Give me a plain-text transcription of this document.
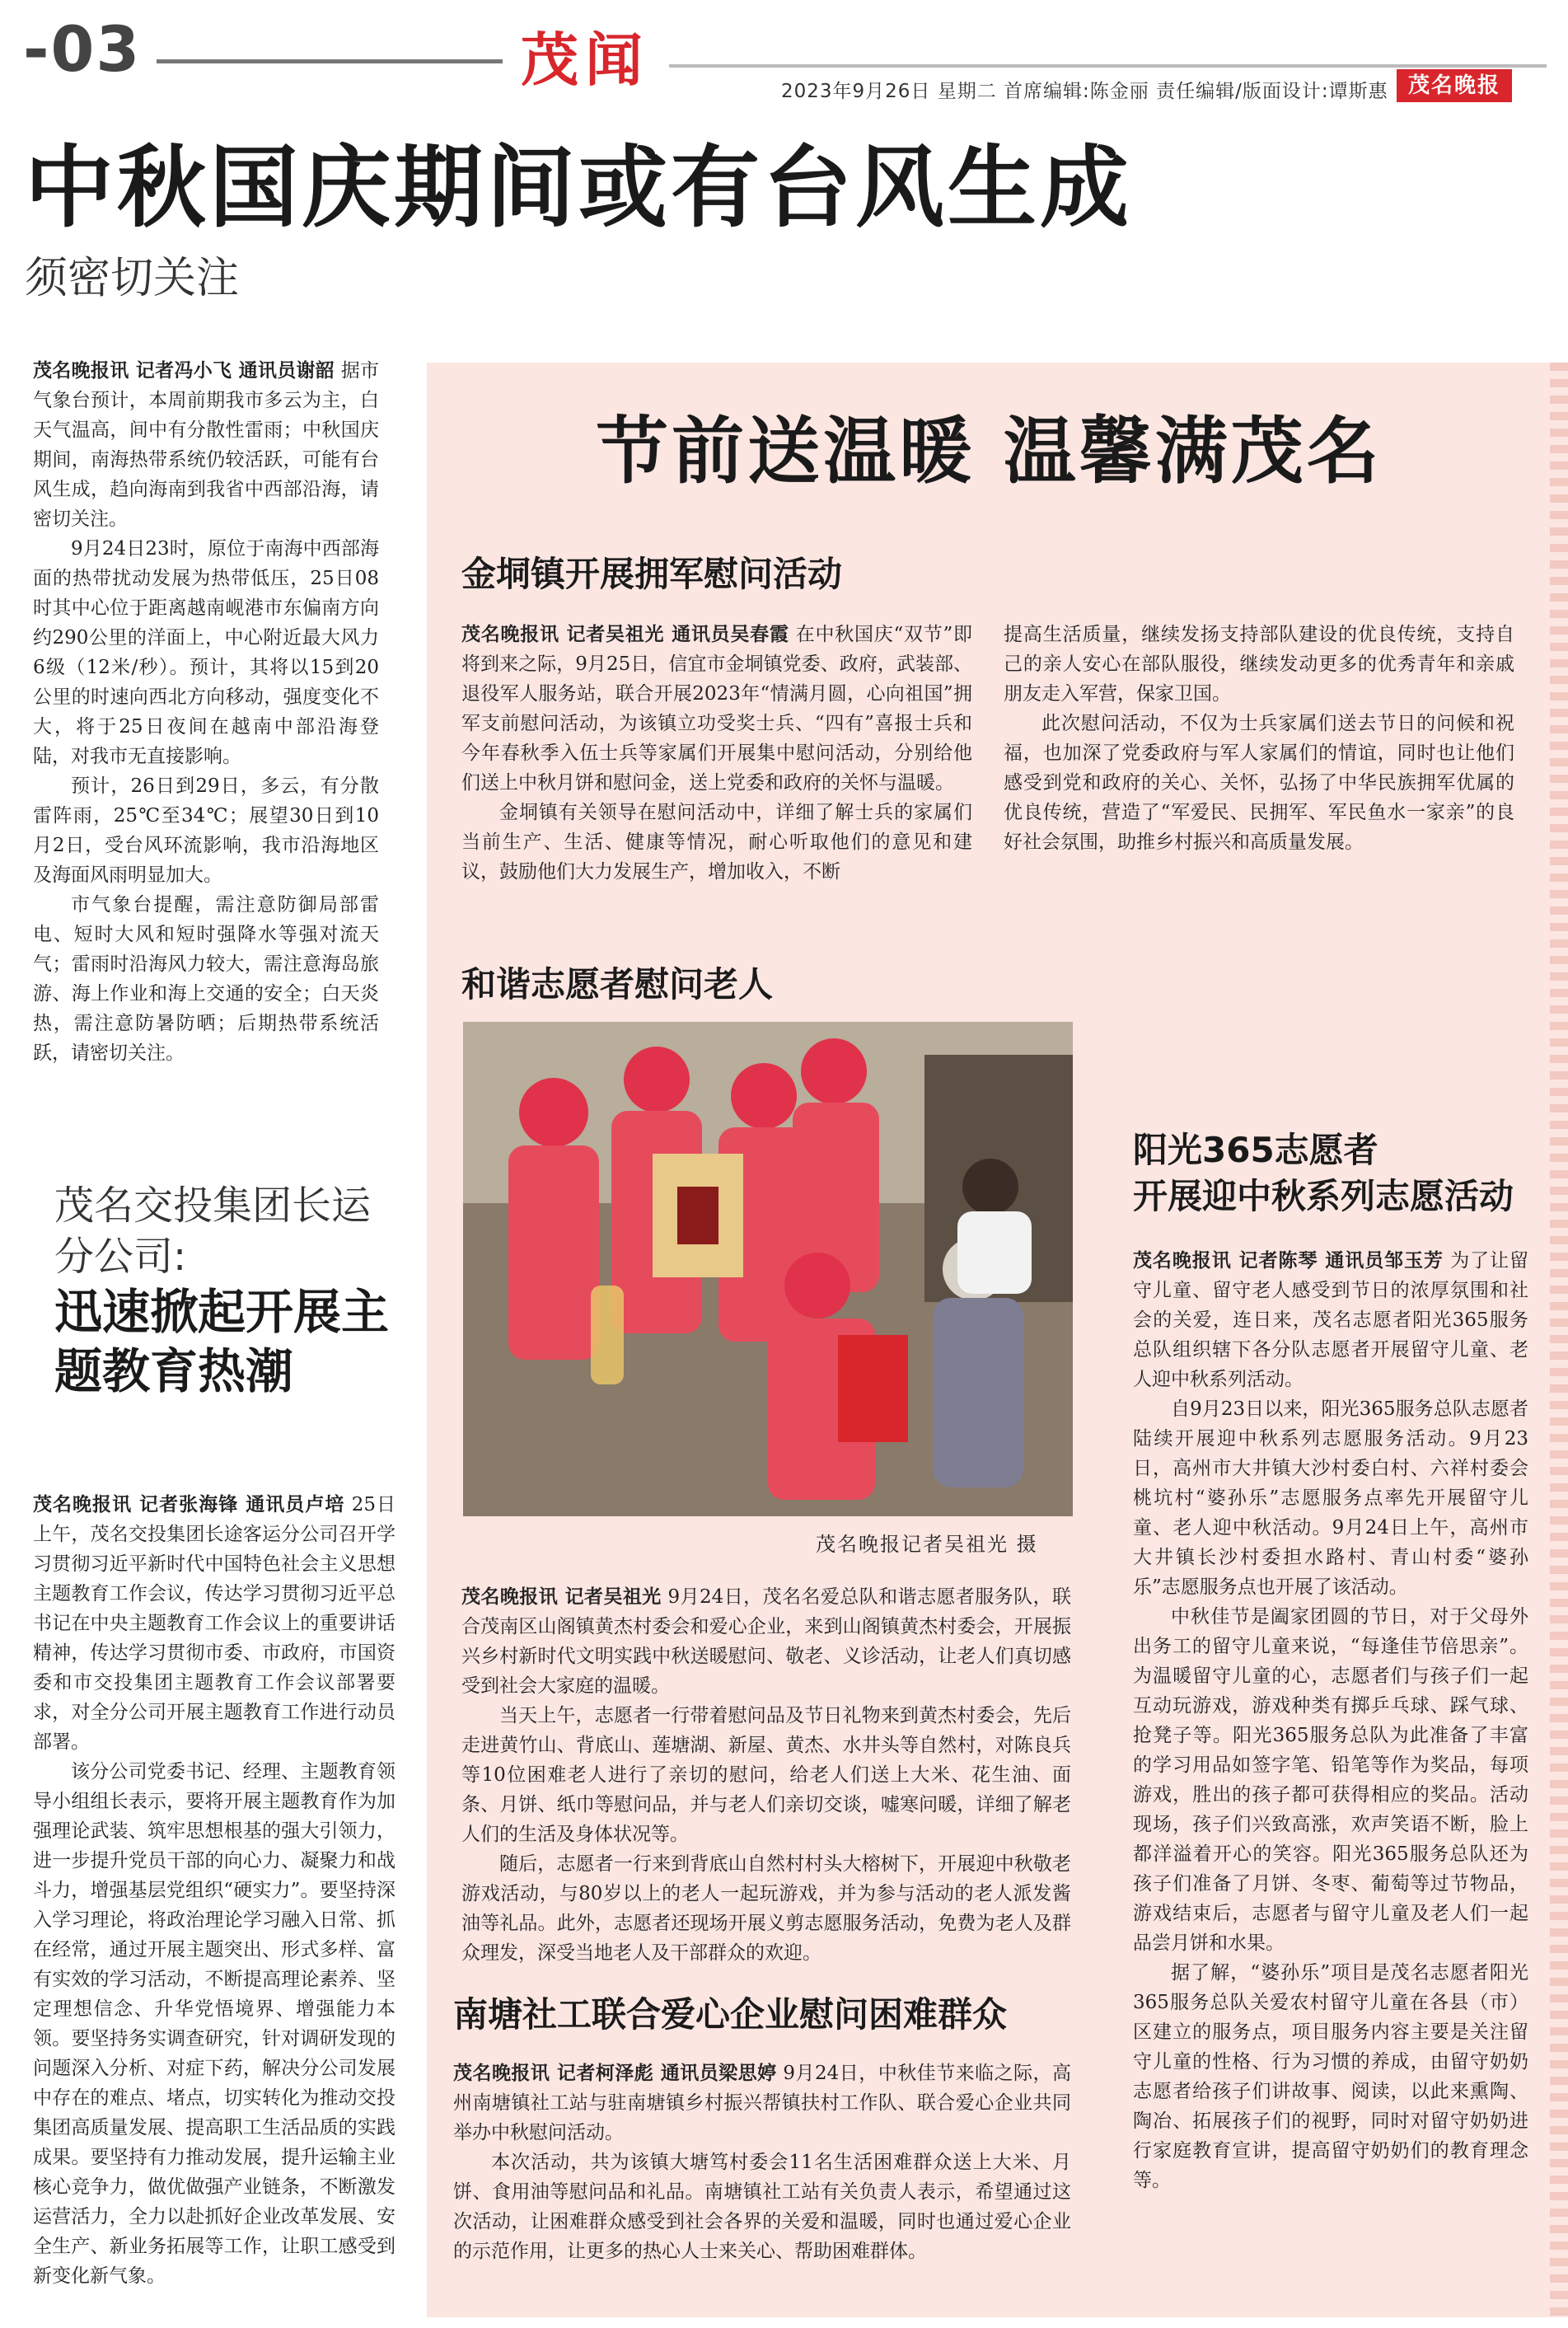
-03	茂闻	2023年9月26日 星期二 首席编辑:陈金丽 责任编辑/版面设计:谭斯惠 茂名晚报
中秋国庆期间或有台风生成
须密切关注

茂名晚报讯 记者冯小飞 通讯员谢韶 据市气象台预计，本周前期我市多云为主，白天气温高，间中有分散性雷雨；中秋国庆期间，南海热带系统仍较活跃，可能有台风生成，趋向海南到我省中西部沿海，请密切关注。

9月24日23时，原位于南海中西部海面的热带扰动发展为热带低压，25日08时其中心位于距离越南岘港市东偏南方向约290公里的洋面上，中心附近最大风力6级（12米/秒）。预计，其将以15到20公里的时速向西北方向移动，强度变化不大，将于25日夜间在越南中部沿海登陆，对我市无直接影响。

预计，26日到29日，多云，有分散雷阵雨，25℃至34℃；展望30日到10月2日，受台风环流影响，我市沿海地区及海面风雨明显加大。

市气象台提醒，需注意防御局部雷电、短时大风和短时强降水等强对流天气；雷雨时沿海风力较大，需注意海岛旅游、海上作业和海上交通的安全；白天炎热，需注意防暑防晒；后期热带系统活跃，请密切关注。

茂名交投集团长运分公司:
迅速掀起开展主题教育热潮

茂名晚报讯 记者张海锋 通讯员卢培 25日上午，茂名交投集团长途客运分公司召开学习贯彻习近平新时代中国特色社会主义思想主题教育工作会议，传达学习贯彻习近平总书记在中央主题教育工作会议上的重要讲话精神，传达学习贯彻市委、市政府，市国资委和市交投集团主题教育工作会议部署要求，对全分公司开展主题教育工作进行动员部署。

该分公司党委书记、经理、主题教育领导小组组长表示，要将开展主题教育作为加强理论武装、筑牢思想根基的强大引领力，进一步提升党员干部的向心力、凝聚力和战斗力，增强基层党组织“硬实力”。要坚持深入学习理论，将政治理论学习融入日常、抓在经常，通过开展主题突出、形式多样、富有实效的学习活动，不断提高理论素养、坚定理想信念、升华党悟境界、增强能力本领。要坚持务实调查研究，针对调研发现的问题深入分析、对症下药，解决分公司发展中存在的难点、堵点，切实转化为推动交投集团高质量发展、提高职工生活品质的实践成果。要坚持有力推动发展，提升运输主业核心竞争力，做优做强产业链条，不断激发运营活力，全力以赴抓好企业改革发展、安全生产、新业务拓展等工作，让职工感受到新变化新气象。

节前送温暖 温馨满茂名
金垌镇开展拥军慰问活动

茂名晚报讯 记者吴祖光 通讯员吴春霞 在中秋国庆“双节”即将到来之际，9月25日，信宜市金垌镇党委、政府，武装部、退役军人服务站，联合开展2023年“情满月圆，心向祖国”拥军支前慰问活动，为该镇立功受奖士兵、“四有”喜报士兵和今年春秋季入伍士兵等家属们开展集中慰问活动，分别给他们送上中秋月饼和慰问金，送上党委和政府的关怀与温暖。

金垌镇有关领导在慰问活动中，详细了解士兵的家属们当前生产、生活、健康等情况，耐心听取他们的意见和建议，鼓励他们大力发展生产，增加收入，不断

提高生活质量，继续发扬支持部队建设的优良传统，支持自己的亲人安心在部队服役，继续发动更多的优秀青年和亲戚朋友走入军营，保家卫国。

此次慰问活动，不仅为士兵家属们送去节日的问候和祝福，也加深了党委政府与军人家属们的情谊，同时也让他们感受到党和政府的关心、关怀，弘扬了中华民族拥军优属的优良传统，营造了“军爱民、民拥军、军民鱼水一家亲”的良好社会氛围，助推乡村振兴和高质量发展。

和谐志愿者慰问老人
茂名晚报记者吴祖光 摄

茂名晚报讯 记者吴祖光 9月24日，茂名名爱总队和谐志愿者服务队，联合茂南区山阁镇黄杰村委会和爱心企业，来到山阁镇黄杰村委会，开展振兴乡村新时代文明实践中秋送暖慰问、敬老、义诊活动，让老人们真切感受到社会大家庭的温暖。

当天上午，志愿者一行带着慰问品及节日礼物来到黄杰村委会，先后走进黄竹山、背底山、莲塘湖、新屋、黄杰、水井头等自然村，对陈良兵等10位困难老人进行了亲切的慰问，给老人们送上大米、花生油、面条、月饼、纸巾等慰问品，并与老人们亲切交谈，嘘寒问暖，详细了解老人们的生活及身体状况等。

随后，志愿者一行来到背底山自然村村头大榕树下，开展迎中秋敬老游戏活动，与80岁以上的老人一起玩游戏，并为参与活动的老人派发酱油等礼品。此外，志愿者还现场开展义剪志愿服务活动，免费为老人及群众理发，深受当地老人及干部群众的欢迎。

南塘社工联合爱心企业慰问困难群众

茂名晚报讯 记者柯泽彪 通讯员梁思婷 9月24日，中秋佳节来临之际，高州南塘镇社工站与驻南塘镇乡村振兴帮镇扶村工作队、联合爱心企业共同举办中秋慰问活动。

本次活动，共为该镇大塘笃村委会11名生活困难群众送上大米、月饼、食用油等慰问品和礼品。南塘镇社工站有关负责人表示，希望通过这次活动，让困难群众感受到社会各界的关爱和温暖，同时也通过爱心企业的示范作用，让更多的热心人士来关心、帮助困难群体。

阳光365志愿者
开展迎中秋系列志愿活动

茂名晚报讯 记者陈琴 通讯员邹玉芳 为了让留守儿童、留守老人感受到节日的浓厚氛围和社会的关爱，连日来，茂名志愿者阳光365服务总队组织辖下各分队志愿者开展留守儿童、老人迎中秋系列活动。

自9月23日以来，阳光365服务总队志愿者陆续开展迎中秋系列志愿服务活动。9月23日，高州市大井镇大沙村委白村、六祥村委会桃坑村“婆孙乐”志愿服务点率先开展留守儿童、老人迎中秋活动。9月24日上午，高州市大井镇长沙村委担水路村、青山村委“婆孙乐”志愿服务点也开展了该活动。

中秋佳节是阖家团圆的节日，对于父母外出务工的留守儿童来说，“每逢佳节倍思亲”。为温暖留守儿童的心，志愿者们与孩子们一起互动玩游戏，游戏种类有掷乒乓球、踩气球、抢凳子等。阳光365服务总队为此准备了丰富的学习用品如签字笔、铅笔等作为奖品，每项游戏，胜出的孩子都可获得相应的奖品。活动现场，孩子们兴致高涨，欢声笑语不断，脸上都洋溢着开心的笑容。阳光365服务总队还为孩子们准备了月饼、冬枣、葡萄等过节物品，游戏结束后，志愿者与留守儿童及老人们一起品尝月饼和水果。

据了解，“婆孙乐”项目是茂名志愿者阳光365服务总队关爱农村留守儿童在各县（市）区建立的服务点，项目服务内容主要是关注留守儿童的性格、行为习惯的养成，由留守奶奶志愿者给孩子们讲故事、阅读，以此来熏陶、陶冶、拓展孩子们的视野，同时对留守奶奶进行家庭教育宣讲，提高留守奶奶们的教育理念等。
